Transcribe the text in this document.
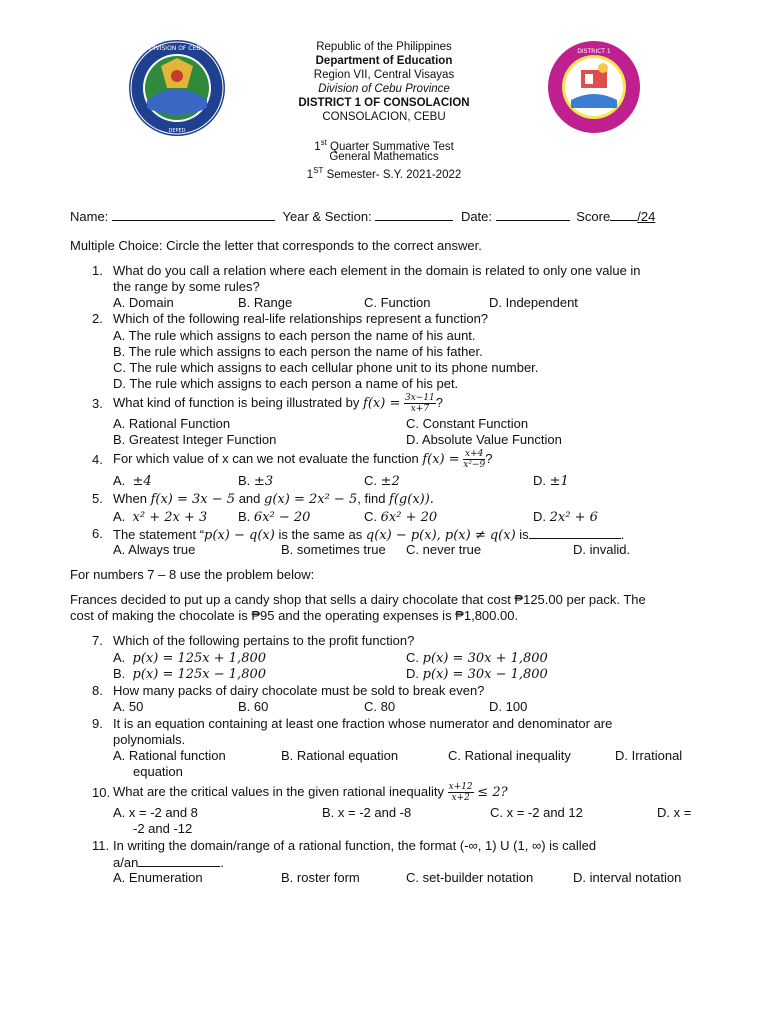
DIVISION OF CEBU
DEPED
DISTRICT 1
Republic of the Philippines
Department of Education
Region VII, Central Visayas
Division of Cebu Province
DISTRICT 1 OF CONSOLACION
CONSOLACION, CEBU
1st Quarter Summative Test
General Mathematics
1ST Semester- S.Y. 2021-2022
Name:	Year & Section:	Date:	Score /24
Multiple Choice: Circle the letter that corresponds to the correct answer.
1. What do you call a relation where each element in the domain is related to only one value in
the range by some rules?
A. Domain	B. Range	C. Function	D. Independent
2. Which of the following real-life relationships represent a function?
A. The rule which assigns to each person the name of his aunt.
B. The rule which assigns to each person the name of his father.
C. The rule which assigns to each cellular phone unit to its phone number.
D. The rule which assigns to each person a name of his pet.
3. What kind of function is being illustrated by $f(x) = \frac{3x-11}{x+7}$ ?
A. Rational Function	C. Constant Function
B. Greatest Integer Function	D. Absolute Value Function
4. For which value of x can we not evaluate the function $f(x) = \frac{x+4}{\text{x²−9}}$ ?
A. ±4	B. ±3	C. ±2	D. ±1
5. When f(x) = 3x − 5 and g(x) = 2x² − 5, find f(g(x)).
A. x² + 2x + 3 B. 6x² − 20	C. 6x² + 20	D. 2x² + 6
6. The statement “p(x) − q(x) is the same as q(x) − p(x), p(x) ≠ q(x) is	.
A. Always true	B. sometimes true C. never true	D. invalid.
For numbers 7 – 8 use the problem below:
Frances decided to put up a candy shop that sells a dairy chocolate that cost ₱125.00 per pack. The
cost of making the chocolate is ₱95 and the operating expenses is ₱1,800.00.
7. Which of the following pertains to the profit function?
A. p(x) = 125x + 1,800	C. p(x) = 30x + 1,800
B. p(x) = 125x − 1,800	D. p(x) = 30x − 1,800
8. How many packs of dairy chocolate must be sold to break even?
A. 50	B. 60	C. 80	D. 100
9. It is an equation containing at least one fraction whose numerator and denominator are
polynomials.
A. Rational function	B. Rational equation	C. Rational inequality	D. Irrational
equation
10. What are the critical values in the given rational inequality $\frac{x+12}{x+2} \le 2$?
A. x = -2 and 8	B. x = -2 and -8	C. x = -2 and 12	D. x =
-2 and -12
11. In writing the domain/range of a rational function, the format (-∞, 1) U (1, ∞) is called
a/an	.
A. Enumeration	B. roster form	C. set-builder notation	D. interval notation
